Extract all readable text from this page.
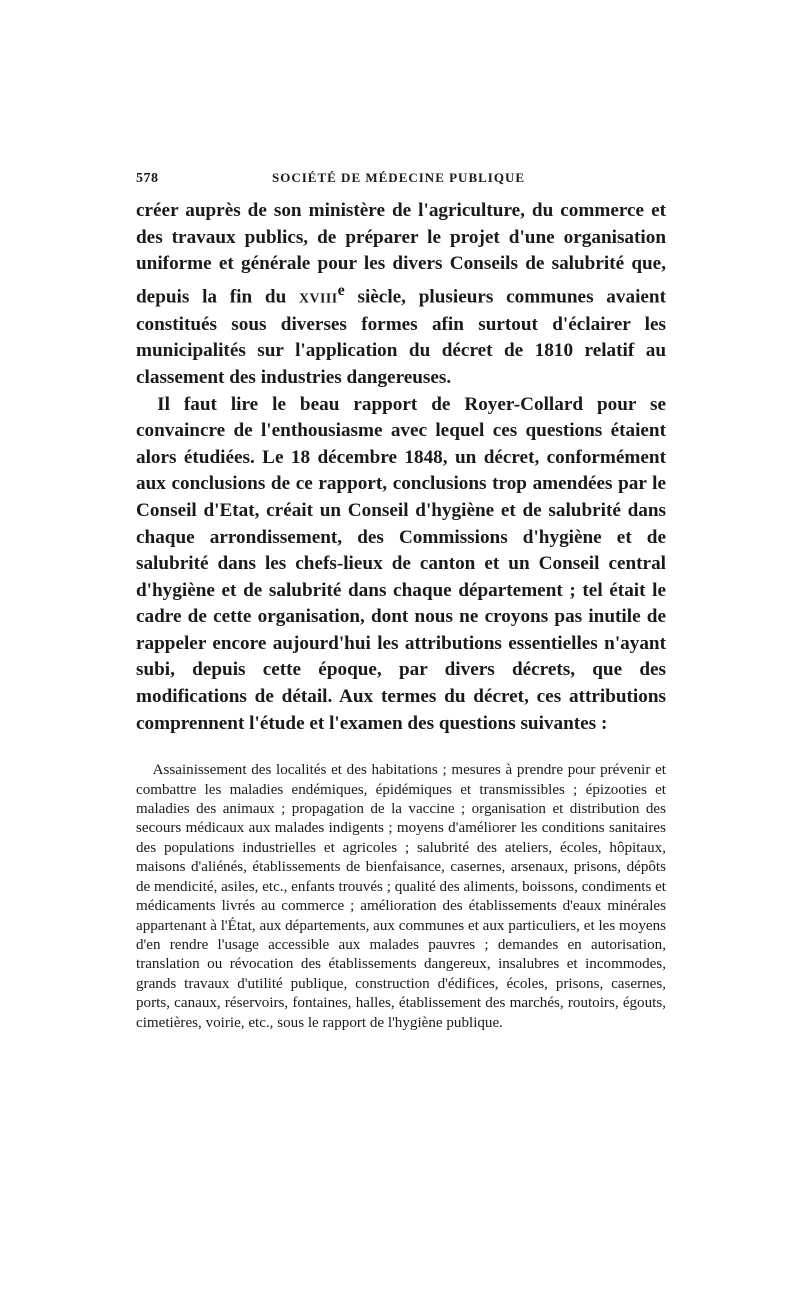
578	SOCIÉTÉ DE MÉDECINE PUBLIQUE

créer auprès de son ministère de l'agriculture, du commerce et des travaux publics, de préparer le projet d'une organisation uniforme et générale pour les divers Conseils de salubrité que, depuis la fin du XVIIIe siècle, plusieurs communes avaient constitués sous diverses formes afin surtout d'éclairer les municipalités sur l'application du décret de 1810 relatif au classement des industries dangereuses.

Il faut lire le beau rapport de Royer-Collard pour se convaincre de l'enthousiasme avec lequel ces questions étaient alors étudiées. Le 18 décembre 1848, un décret, conformément aux conclusions de ce rapport, conclusions trop amendées par le Conseil d'Etat, créait un Conseil d'hygiène et de salubrité dans chaque arrondissement, des Commissions d'hygiène et de salubrité dans les chefs-lieux de canton et un Conseil central d'hygiène et de salubrité dans chaque département ; tel était le cadre de cette organisation, dont nous ne croyons pas inutile de rappeler encore aujourd'hui les attributions essentielles n'ayant subi, depuis cette époque, par divers décrets, que des modifications de détail. Aux termes du décret, ces attributions comprennent l'étude et l'examen des questions suivantes :

Assainissement des localités et des habitations ; mesures à prendre pour prévenir et combattre les maladies endémiques, épidémiques et transmissibles ; épizooties et maladies des animaux ; propagation de la vaccine ; organisation et distribution des secours médicaux aux malades indigents ; moyens d'améliorer les conditions sanitaires des populations industrielles et agricoles ; salubrité des ateliers, écoles, hôpitaux, maisons d'aliénés, établissements de bienfaisance, casernes, arsenaux, prisons, dépôts de mendicité, asiles, etc., enfants trouvés ; qualité des aliments, boissons, condiments et médicaments livrés au commerce ; amélioration des établissements d'eaux minérales appartenant à l'État, aux départements, aux communes et aux particuliers, et les moyens d'en rendre l'usage accessible aux malades pauvres ; demandes en autorisation, translation ou révocation des établissements dangereux, insalubres et incommodes, grands travaux d'utilité publique, construction d'édifices, écoles, prisons, casernes, ports, canaux, réservoirs, fontaines, halles, établissement des marchés, routoirs, égouts, cimetières, voirie, etc., sous le rapport de l'hygiène publique.
